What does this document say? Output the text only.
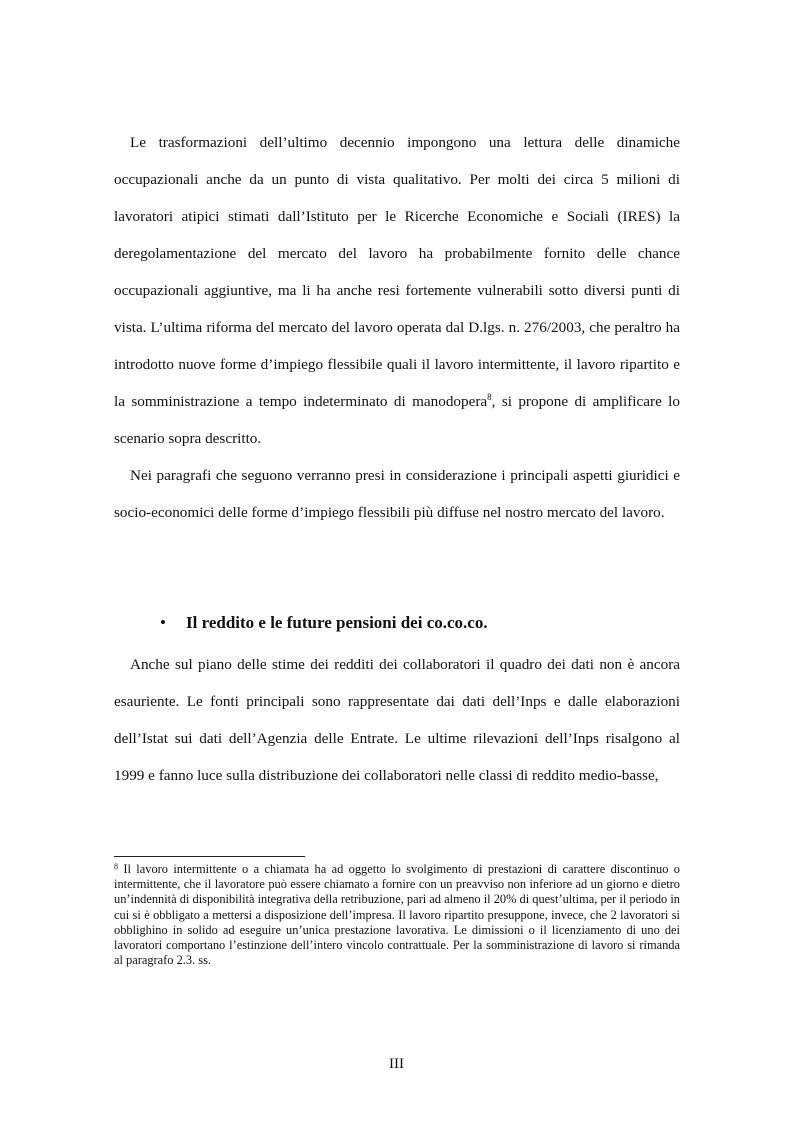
Le trasformazioni dell’ultimo decennio impongono una lettura delle dinamiche occupazionali anche da un punto di vista qualitativo. Per molti dei circa 5 milioni di lavoratori atipici stimati dall’Istituto per le Ricerche Economiche e Sociali (IRES) la deregolamentazione del mercato del lavoro ha probabilmente fornito delle chance occupazionali aggiuntive, ma li ha anche resi fortemente vulnerabili sotto diversi punti di vista. L’ultima riforma del mercato del lavoro operata dal D.lgs. n. 276/2003, che peraltro ha introdotto nuove forme d’impiego flessibile quali il lavoro intermittente, il lavoro ripartito e la somministrazione a tempo indeterminato di manodopera$^8$, si propone di amplificare lo scenario sopra descritto.

Nei paragrafi che seguono verranno presi in considerazione i principali aspetti giuridici e socio-economici delle forme d’impiego flessibili più diffuse nel nostro mercato del lavoro.

• Il reddito e le future pensioni dei co.co.co.

Anche sul piano delle stime dei redditi dei collaboratori il quadro dei dati non è ancora esauriente. Le fonti principali sono rappresentate dai dati dell’Inps e dalle elaborazioni dell’Istat sui dati dell’Agenzia delle Entrate. Le ultime rilevazioni dell’Inps risalgono al 1999 e fanno luce sulla distribuzione dei collaboratori nelle classi di reddito medio-basse,

$^8$ Il lavoro intermittente o a chiamata ha ad oggetto lo svolgimento di prestazioni di carattere discontinuo o intermittente, che il lavoratore può essere chiamato a fornire con un preavviso non inferiore ad un giorno e dietro un’indennità di disponibilità integrativa della retribuzione, pari ad almeno il 20% di quest’ultima, per il periodo in cui si è obbligato a mettersi a disposizione dell’impresa. Il lavoro ripartito presuppone, invece, che 2 lavoratori si obblighino in solido ad eseguire un’unica prestazione lavorativa. Le dimissioni o il licenziamento di uno dei lavoratori comportano l’estinzione dell’intero vincolo contrattuale. Per la somministrazione di lavoro si rimanda al paragrafo 2.3. ss.
III
